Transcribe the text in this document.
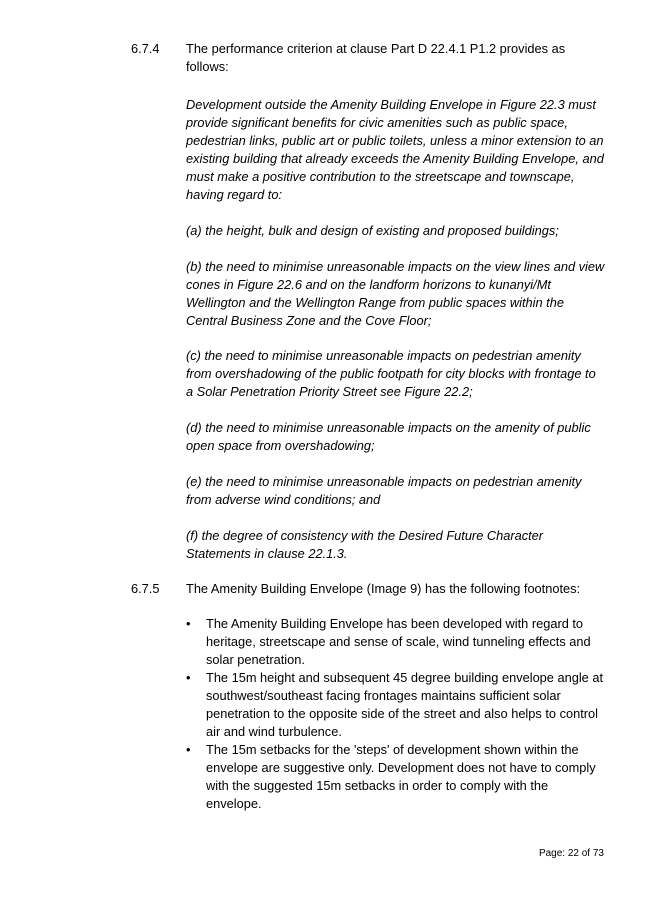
6.7.4 The performance criterion at clause Part D 22.4.1 P1.2 provides as follows:

Development outside the Amenity Building Envelope in Figure 22.3 must provide significant benefits for civic amenities such as public space, pedestrian links, public art or public toilets, unless a minor extension to an existing building that already exceeds the Amenity Building Envelope, and must make a positive contribution to the streetscape and townscape, having regard to:

(a) the height, bulk and design of existing and proposed buildings;

(b) the need to minimise unreasonable impacts on the view lines and view cones in Figure 22.6 and on the landform horizons to kunanyi/Mt Wellington and the Wellington Range from public spaces within the Central Business Zone and the Cove Floor;

(c) the need to minimise unreasonable impacts on pedestrian amenity from overshadowing of the public footpath for city blocks with frontage to a Solar Penetration Priority Street see Figure 22.2;

(d) the need to minimise unreasonable impacts on the amenity of public open space from overshadowing;

(e) the need to minimise unreasonable impacts on pedestrian amenity from adverse wind conditions; and

(f) the degree of consistency with the Desired Future Character Statements in clause 22.1.3.

6.7.5 The Amenity Building Envelope (Image 9) has the following footnotes:

• The Amenity Building Envelope has been developed with regard to heritage, streetscape and sense of scale, wind tunneling effects and solar penetration.

• The 15m height and subsequent 45 degree building envelope angle at southwest/southeast facing frontages maintains sufficient solar penetration to the opposite side of the street and also helps to control air and wind turbulence.

• The 15m setbacks for the 'steps' of development shown within the envelope are suggestive only. Development does not have to comply with the suggested 15m setbacks in order to comply with the envelope.

Page: 22 of 73
